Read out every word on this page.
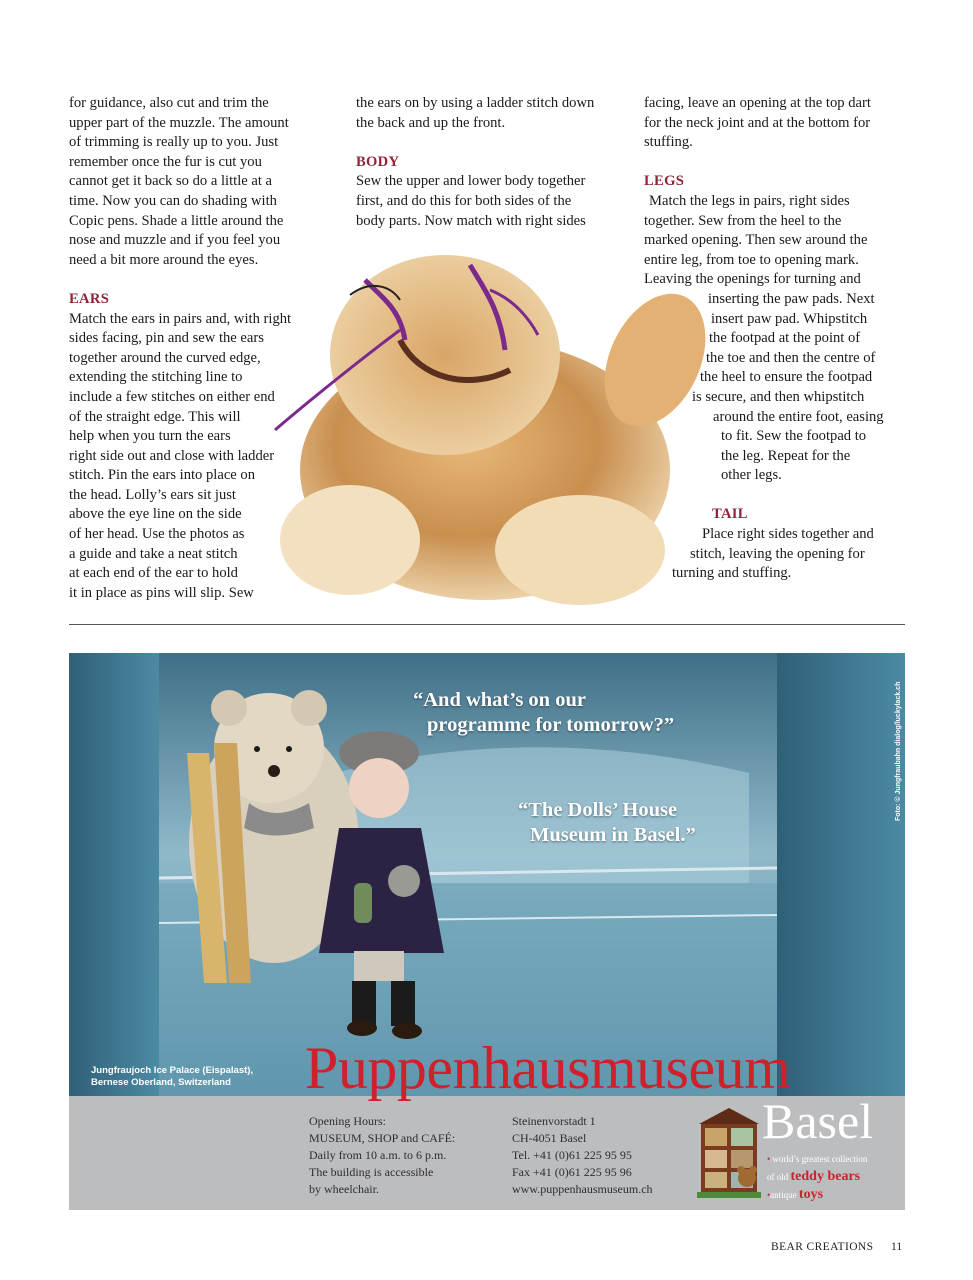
for guidance, also cut and trim the
upper part of the muzzle. The amount
of trimming is really up to you. Just
remember once the fur is cut you
cannot get it back so do a little at a
time. Now you can do shading with
Copic pens. Shade a little around the
nose and muzzle and if you feel you
need a bit more around the eyes.
EARS
Match the ears in pairs and, with right
sides facing, pin and sew the ears
together around the curved edge,
extending the stitching line to
include a few stitches on either end
of the straight edge. This will
help when you turn the ears
right side out and close with ladder
stitch. Pin the ears into place on
the head. Lolly’s ears sit just
above the eye line on the side
of her head. Use the photos as
a guide and take a neat stitch
at each end of the ear to hold
it in place as pins will slip. Sew
the ears on by using a ladder stitch down
the back and up the front.
BODY
Sew the upper and lower body together
first, and do this for both sides of the
body parts. Now match with right sides
facing, leave an opening at the top dart
for the neck joint and at the bottom for
stuffing.
LEGS
Match the legs in pairs, right sides
together. Sew from the heel to the
marked opening. Then sew around the
entire leg, from toe to opening mark.
Leaving the openings for turning and
inserting the paw pads. Next
insert paw pad. Whipstitch
the footpad at the point of
the toe and then the centre of
the heel to ensure the footpad
is secure, and then whipstitch
around the entire foot, easing
to fit. Sew the footpad to
the leg. Repeat for the
other legs.
TAIL
Place right sides together and
stitch, leaving the opening for
turning and stuffing.
“And what’s on our
programme for tomorrow?”
“The Dolls’ House
Museum in Basel.”
Jungfraujoch Ice Palace (Eispalast),
Bernese Oberland, Switzerland
Foto: © Jungfraubahn dialog/luckylack.ch
Puppenhausmuseum
Basel
Opening Hours:
MUSEUM, SHOP and CAFÉ:
Daily from 10 a.m. to 6 p.m.
The building is accessible
by wheelchair.
Steinenvorstadt 1
CH-4051 Basel
Tel. +41 (0)61 225 95 95
Fax +41 (0)61 225 95 96
www.puppenhausmuseum.ch
• world’s greatest collection
of old teddy bears
•antique toys
BEAR CREATIONS 11
